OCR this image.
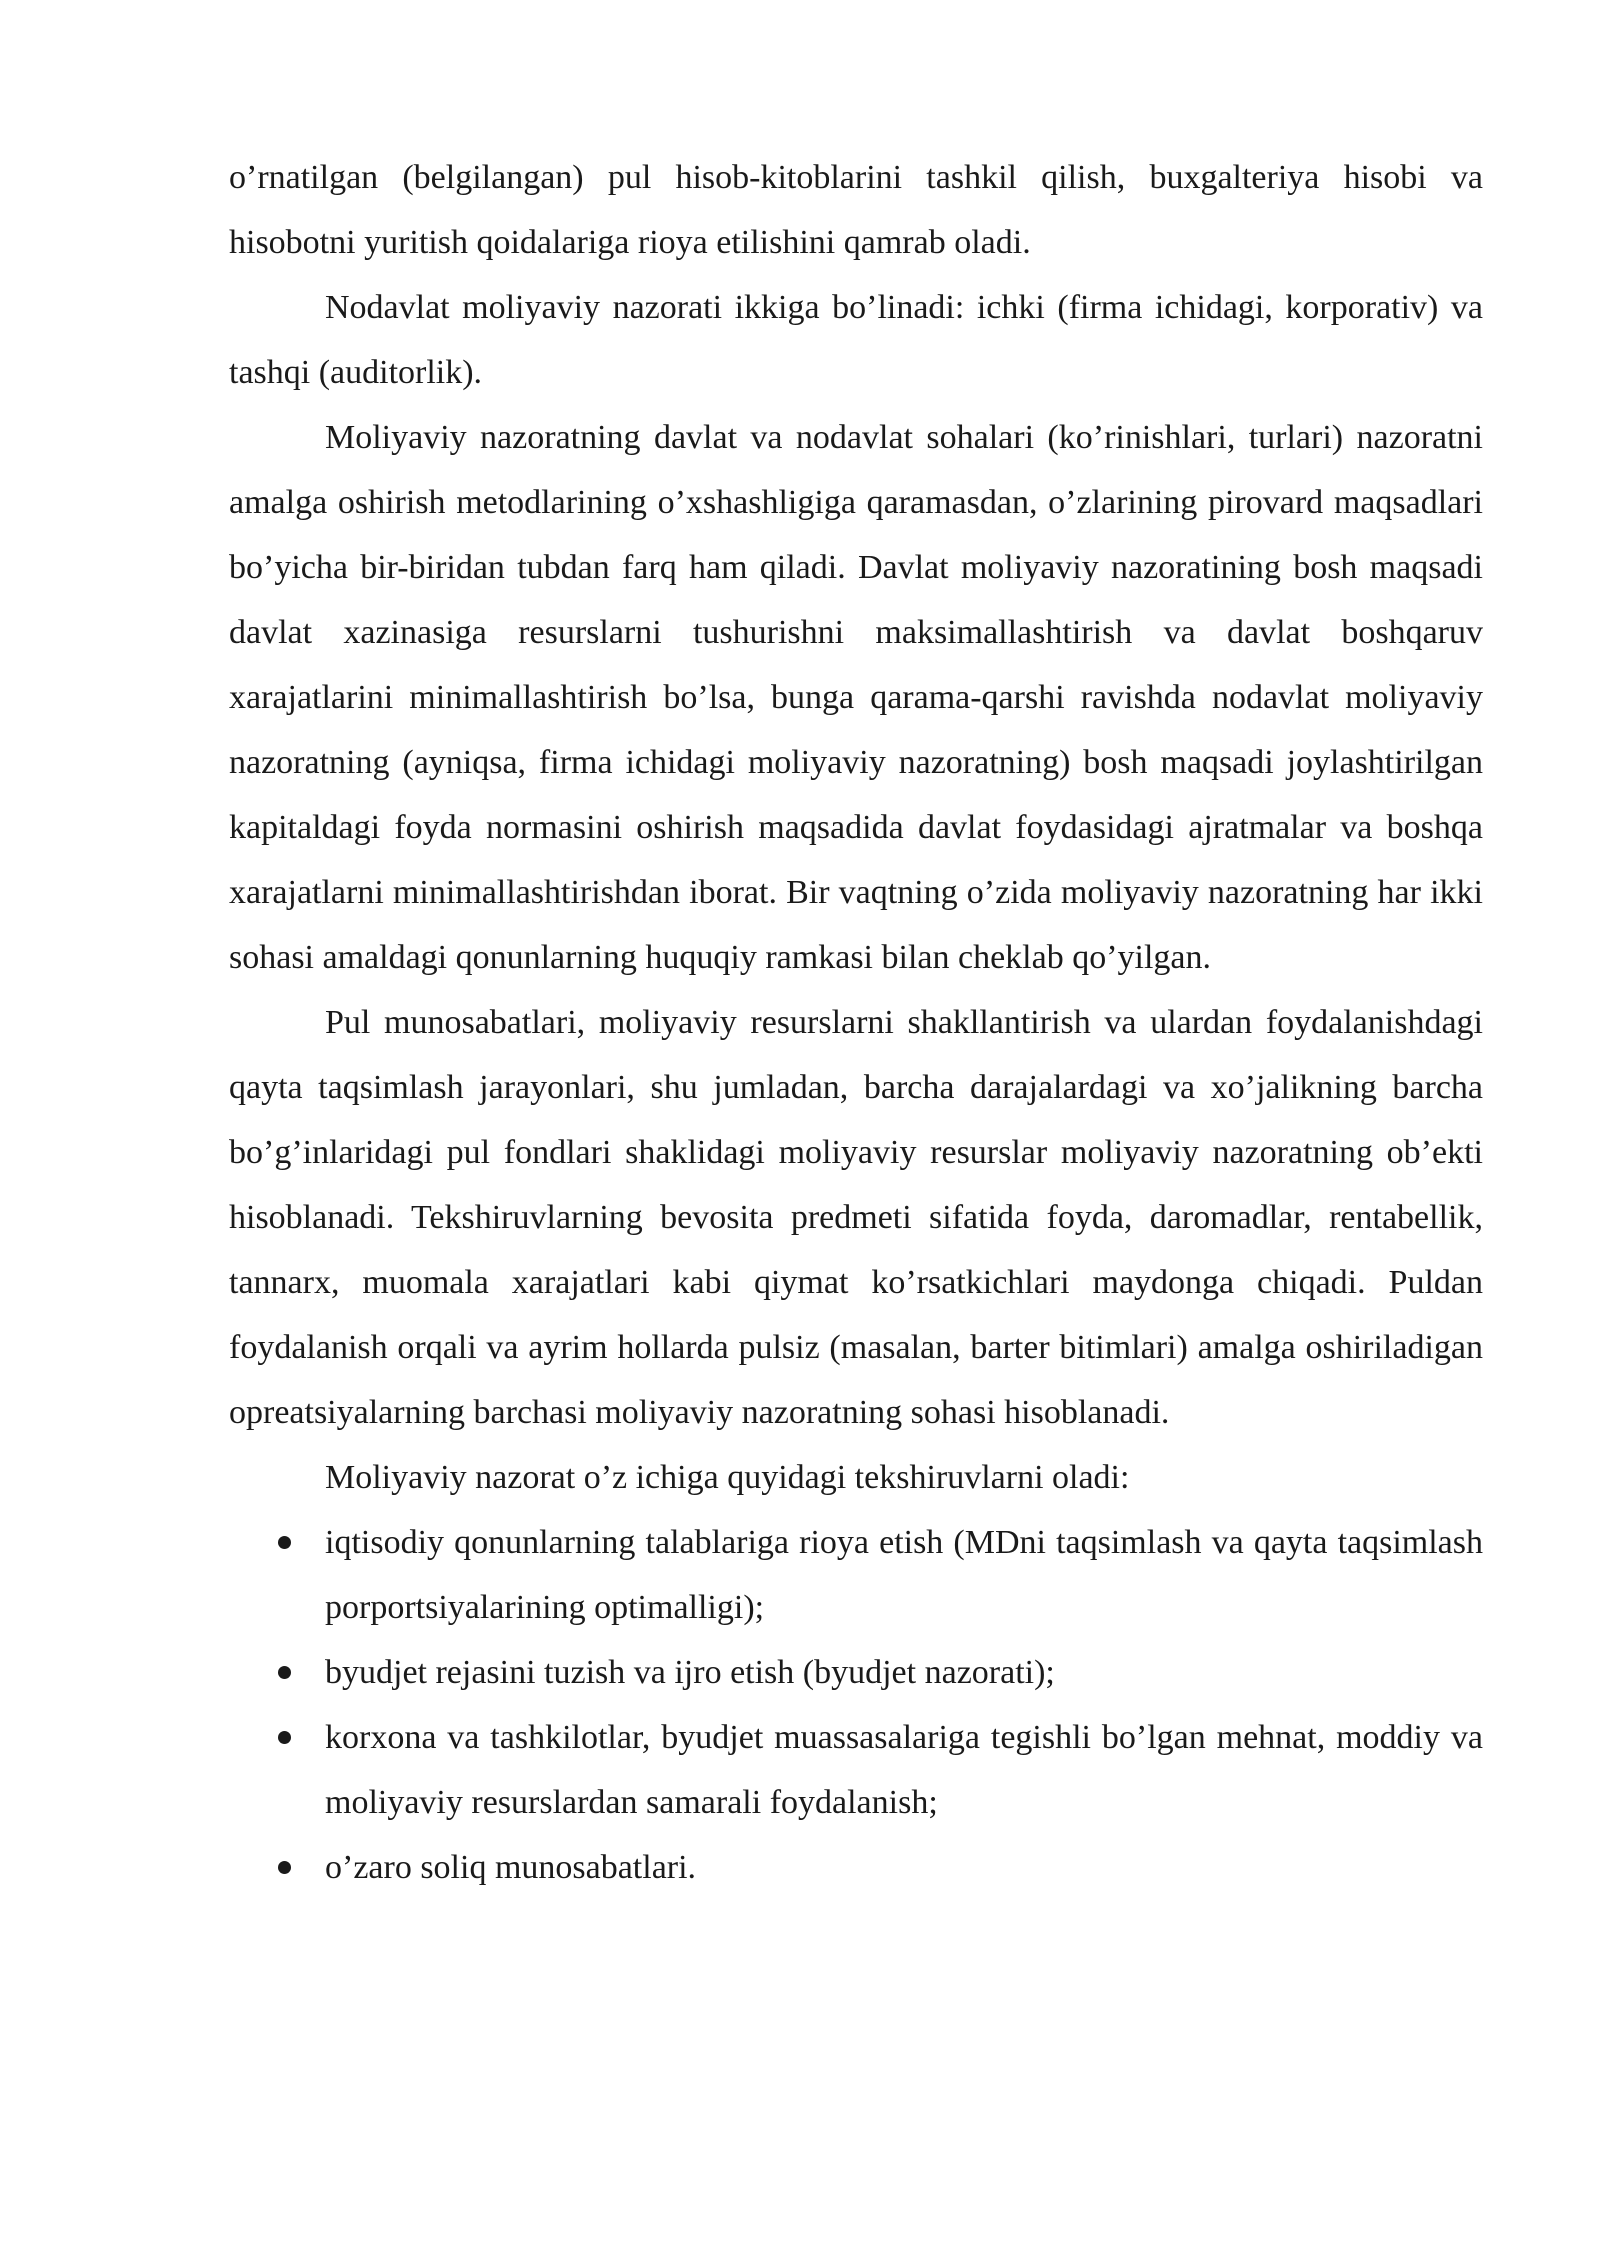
o’rnatilgan (belgilangan) pul hisob-kitoblarini tashkil qilish, buxgalteriya hisobi va hisobotni yuritish qoidalariga rioya etilishini qamrab oladi.

Nodavlat moliyaviy nazorati ikkiga bo’linadi: ichki (firma ichidagi, korporativ) va tashqi (auditorlik).

Moliyaviy nazoratning davlat va nodavlat sohalari (ko’rinishlari, turlari) nazoratni amalga oshirish metodlarining o’xshashligiga qaramasdan, o’zlarining pirovard maqsadlari bo’yicha bir-biridan tubdan farq ham qiladi. Davlat moliyaviy nazoratining bosh maqsadi davlat xazinasiga resurslarni tushurishni maksimallashtirish va davlat boshqaruv xarajatlarini minimallashtirish bo’lsa, bunga qarama-qarshi ravishda nodavlat moliyaviy nazoratning (ayniqsa, firma ichidagi moliyaviy nazoratning) bosh maqsadi joylashtirilgan kapitaldagi foyda normasini oshirish maqsadida davlat foydasidagi ajratmalar va boshqa xarajatlarni minimallashtirishdan iborat. Bir vaqtning o’zida moliyaviy nazoratning har ikki sohasi amaldagi qonunlarning huquqiy ramkasi bilan cheklab qo’yilgan.

Pul munosabatlari, moliyaviy resurslarni shakllantirish va ulardan foydalanishdagi qayta taqsimlash jarayonlari, shu jumladan, barcha darajalardagi va xo’jalikning barcha bo’g’inlaridagi pul fondlari shaklidagi moliyaviy resurslar moliyaviy nazoratning ob’ekti hisoblanadi. Tekshiruvlarning bevosita predmeti sifatida foyda, daromadlar, rentabellik, tannarx, muomala xarajatlari kabi qiymat ko’rsatkichlari maydonga chiqadi. Puldan foydalanish orqali va ayrim hollarda pulsiz (masalan, barter bitimlari) amalga oshiriladigan opreatsiyalarning barchasi moliyaviy nazoratning sohasi hisoblanadi.

Moliyaviy nazorat o’z ichiga quyidagi tekshiruvlarni oladi:

iqtisodiy qonunlarning talablariga rioya etish (MDni taqsimlash va qayta taqsimlash porportsiyalarining optimalligi);
byudjet rejasini tuzish va ijro etish (byudjet nazorati);
korxona va tashkilotlar, byudjet muassasalariga tegishli bo’lgan mehnat, moddiy va moliyaviy resurslardan samarali foydalanish;
o’zaro soliq munosabatlari.
